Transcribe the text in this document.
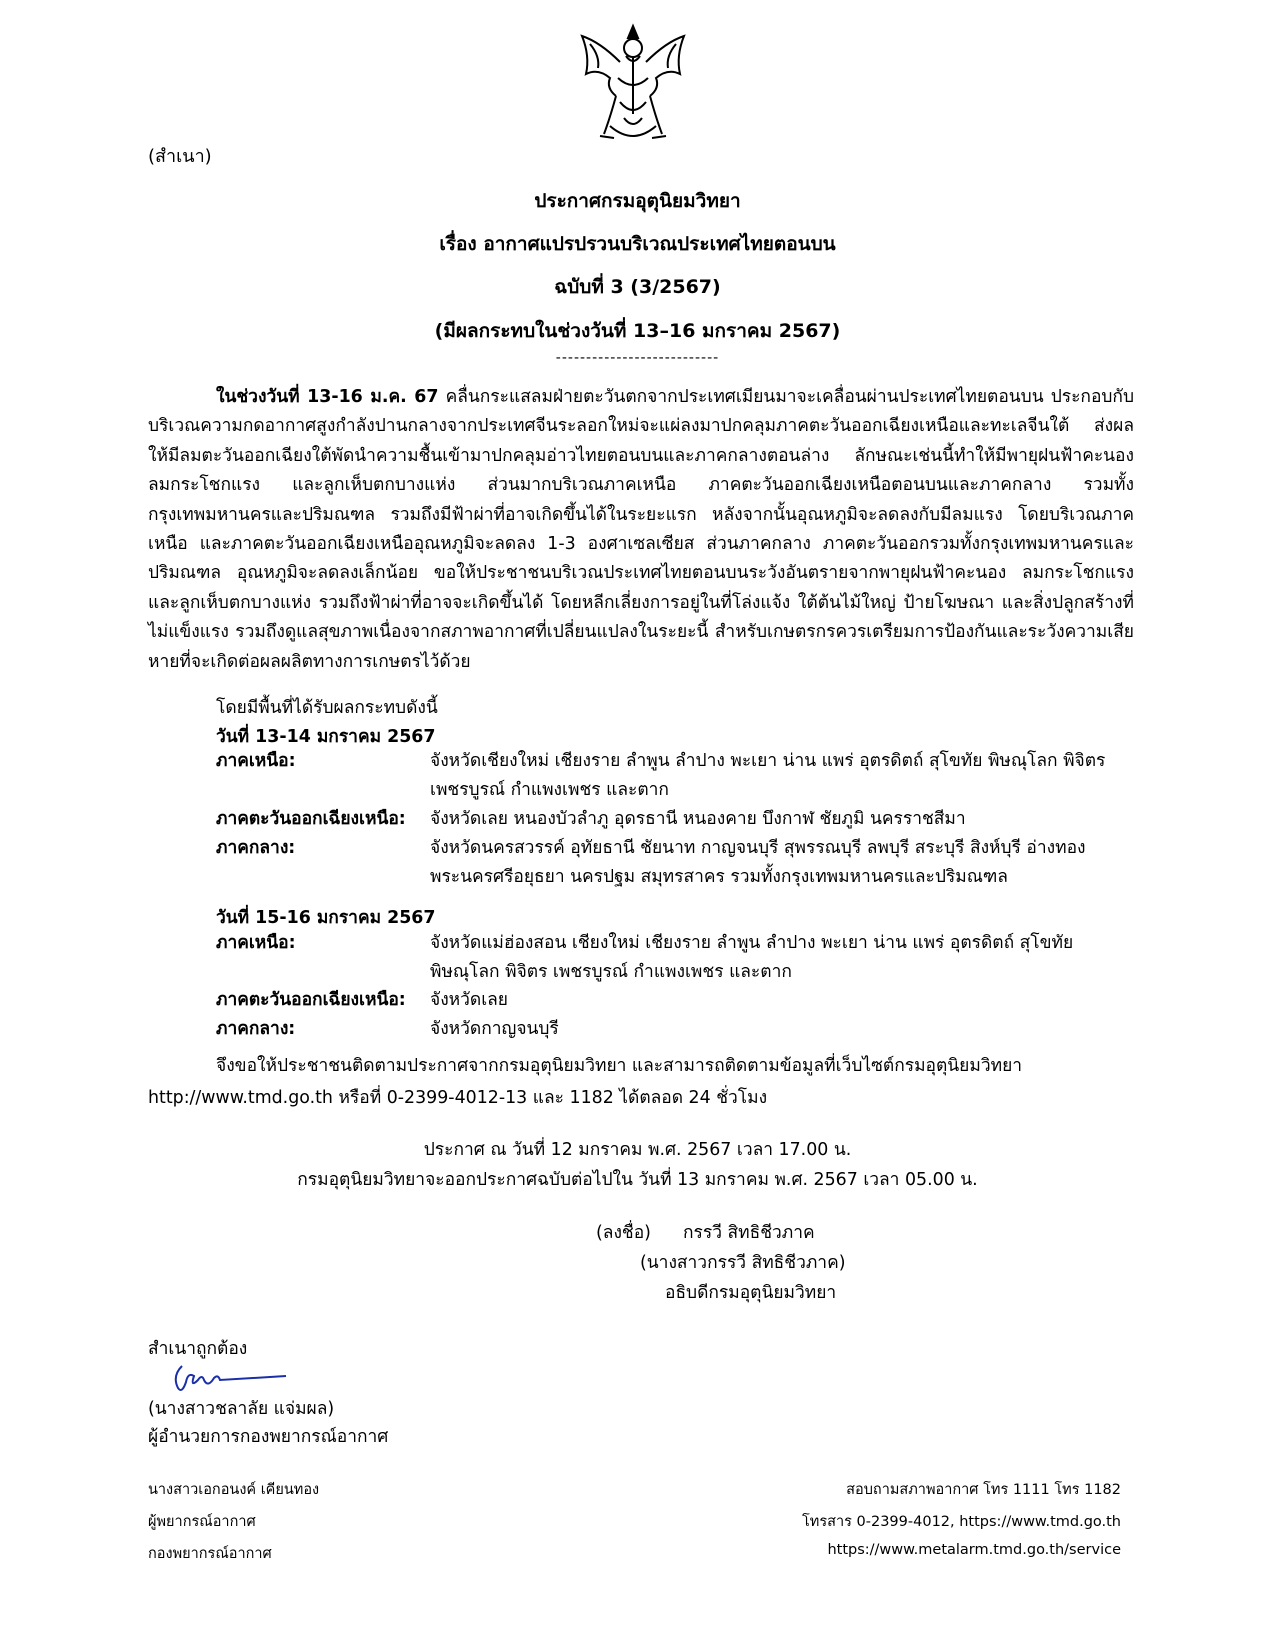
(สำเนา)
ประกาศกรมอุตุนิยมวิทยา
เรื่อง อากาศแปรปรวนบริเวณประเทศไทยตอนบน
ฉบับที่ 3 (3/2567)
(มีผลกระทบในช่วงวันที่ 13–16 มกราคม 2567)
---------------------------
ในช่วงวันที่ 13-16 ม.ค. 67 คลื่นกระแสลมฝ่ายตะวันตกจากประเทศเมียนมาจะเคลื่อนผ่านประเทศไทยตอนบน ประกอบกับบริเวณความกดอากาศสูงกำลังปานกลางจากประเทศจีนระลอกใหม่จะแผ่ลงมาปกคลุมภาคตะวันออกเฉียงเหนือและทะเลจีนใต้ ส่งผลให้มีลมตะวันออกเฉียงใต้พัดนำความชื้นเข้ามาปกคลุมอ่าวไทยตอนบนและภาคกลางตอนล่าง ลักษณะเช่นนี้ทำให้มีพายุฝนฟ้าคะนอง ลมกระโชกแรง และลูกเห็บตกบางแห่ง ส่วนมากบริเวณภาคเหนือ ภาคตะวันออกเฉียงเหนือตอนบนและภาคกลาง รวมทั้งกรุงเทพมหานครและปริมณฑล รวมถึงมีฟ้าผ่าที่อาจเกิดขึ้นได้ในระยะแรก หลังจากนั้นอุณหภูมิจะลดลงกับมีลมแรง โดยบริเวณภาคเหนือ และภาคตะวันออกเฉียงเหนืออุณหภูมิจะลดลง 1-3 องศาเซลเซียส ส่วนภาคกลาง ภาคตะวันออกรวมทั้งกรุงเทพมหานครและปริมณฑล อุณหภูมิจะลดลงเล็กน้อย ขอให้ประชาชนบริเวณประเทศไทยตอนบนระวังอันตรายจากพายุฝนฟ้าคะนอง ลมกระโชกแรง และลูกเห็บตกบางแห่ง รวมถึงฟ้าผ่าที่อาจจะเกิดขึ้นได้ โดยหลีกเลี่ยงการอยู่ในที่โล่งแจ้ง ใต้ต้นไม้ใหญ่ ป้ายโฆษณา และสิ่งปลูกสร้างที่ไม่แข็งแรง รวมถึงดูแลสุขภาพเนื่องจากสภาพอากาศที่เปลี่ยนแปลงในระยะนี้ สำหรับเกษตรกรควรเตรียมการป้องกันและระวังความเสียหายที่จะเกิดต่อผลผลิตทางการเกษตรไว้ด้วย
โดยมีพื้นที่ได้รับผลกระทบดังนี้
วันที่ 13-14 มกราคม 2567
ภาคเหนือ:	จังหวัดเชียงใหม่ เชียงราย ลำพูน ลำปาง พะเยา น่าน แพร่ อุตรดิตถ์ สุโขทัย พิษณุโลก พิจิตร เพชรบูรณ์ กำแพงเพชร และตาก
ภาคตะวันออกเฉียงเหนือ: จังหวัดเลย หนองบัวลำภู อุดรธานี หนองคาย บึงกาฬ ชัยภูมิ นครราชสีมา
ภาคกลาง:	จังหวัดนครสวรรค์ อุทัยธานี ชัยนาท กาญจนบุรี สุพรรณบุรี ลพบุรี สระบุรี สิงห์บุรี อ่างทอง พระนครศรีอยุธยา นครปฐม สมุทรสาคร รวมทั้งกรุงเทพมหานครและปริมณฑล
วันที่ 15-16 มกราคม 2567
ภาคเหนือ:	จังหวัดแม่ฮ่องสอน เชียงใหม่ เชียงราย ลำพูน ลำปาง พะเยา น่าน แพร่ อุตรดิตถ์ สุโขทัย พิษณุโลก พิจิตร เพชรบูรณ์ กำแพงเพชร และตาก
ภาคตะวันออกเฉียงเหนือ: จังหวัดเลย
ภาคกลาง:	จังหวัดกาญจนบุรี
จึงขอให้ประชาชนติดตามประกาศจากกรมอุตุนิยมวิทยา และสามารถติดตามข้อมูลที่เว็บไซต์กรมอุตุนิยมวิทยา http://www.tmd.go.th หรือที่ 0-2399-4012-13 และ 1182 ได้ตลอด 24 ชั่วโมง
ประกาศ ณ วันที่ 12 มกราคม พ.ศ. 2567 เวลา 17.00 น.
กรมอุตุนิยมวิทยาจะออกประกาศฉบับต่อไปใน วันที่ 13 มกราคม พ.ศ. 2567 เวลา 05.00 น.
(ลงชื่อ) กรรวี สิทธิชีวภาค
(นางสาวกรรวี สิทธิชีวภาค)
อธิบดีกรมอุตุนิยมวิทยา
สำเนาถูกต้อง
(นางสาวชลาลัย แจ่มผล)
ผู้อำนวยการกองพยากรณ์อากาศ
นางสาวเอกอนงค์ เคียนทอง
ผู้พยากรณ์อากาศ
กองพยากรณ์อากาศ
สอบถามสภาพอากาศ โทร 1111 โทร 1182
โทรสาร 0-2399-4012, https://www.tmd.go.th
https://www.metalarm.tmd.go.th/service
